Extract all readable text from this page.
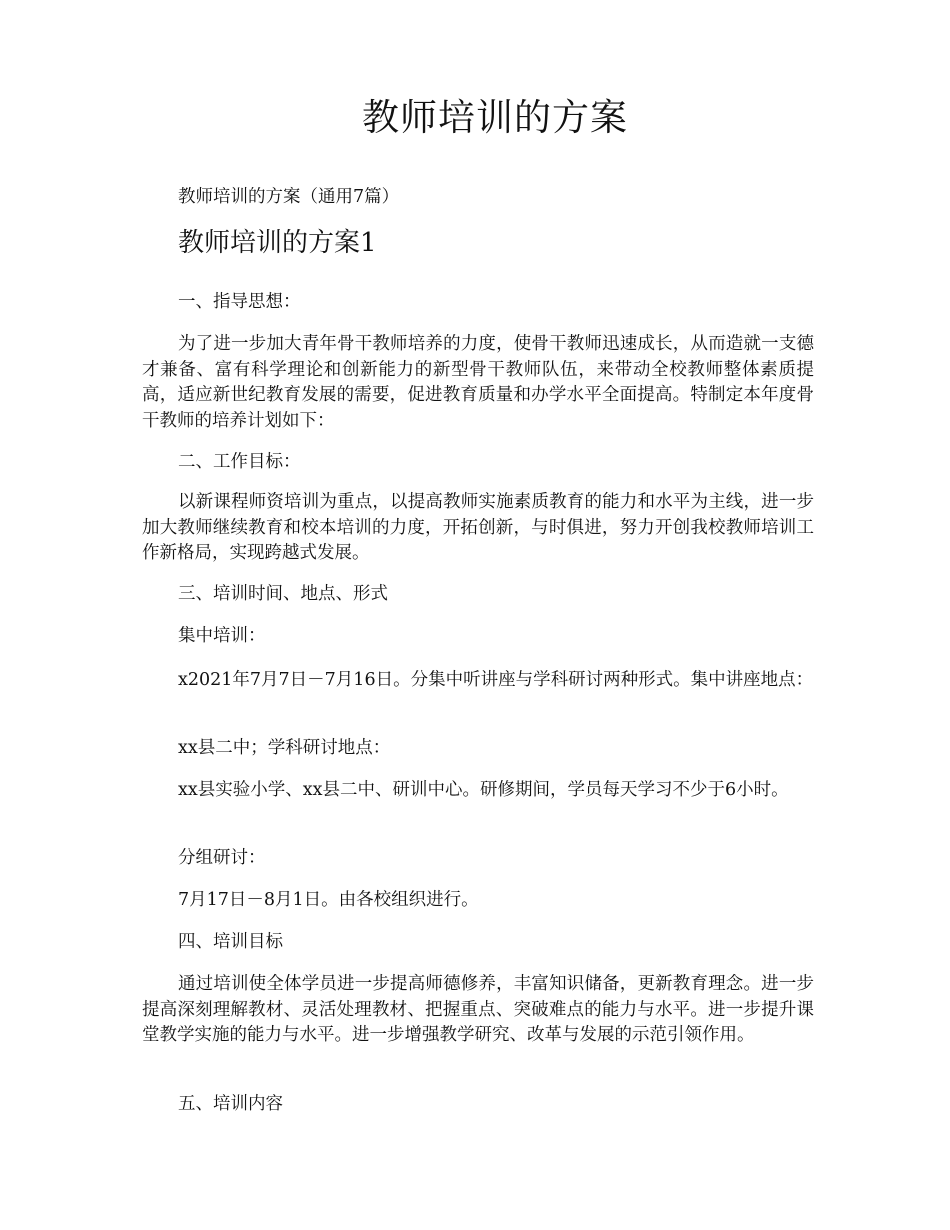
教师培训的方案
教师培训的方案（通用7篇）
教师培训的方案1
一、指导思想：
为了进一步加大青年骨干教师培养的力度，使骨干教师迅速成长，从而造就一支德才兼备、富有科学理论和创新能力的新型骨干教师队伍，来带动全校教师整体素质提高，适应新世纪教育发展的需要，促进教育质量和办学水平全面提高。特制定本年度骨干教师的培养计划如下：
二、工作目标：
以新课程师资培训为重点，以提高教师实施素质教育的能力和水平为主线，进一步加大教师继续教育和校本培训的力度，开拓创新，与时俱进，努力开创我校教师培训工作新格局，实现跨越式发展。
三、培训时间、地点、形式
集中培训：
x2021年7月7日－7月16日。分集中听讲座与学科研讨两种形式。集中讲座地点：
xx县二中；学科研讨地点：
xx县实验小学、xx县二中、研训中心。研修期间，学员每天学习不少于6小时。
分组研讨：
7月17日－8月1日。由各校组织进行。
四、培训目标
通过培训使全体学员进一步提高师德修养，丰富知识储备，更新教育理念。进一步提高深刻理解教材、灵活处理教材、把握重点、突破难点的能力与水平。进一步提升课堂教学实施的能力与水平。进一步增强教学研究、改革与发展的示范引领作用。
五、培训内容
